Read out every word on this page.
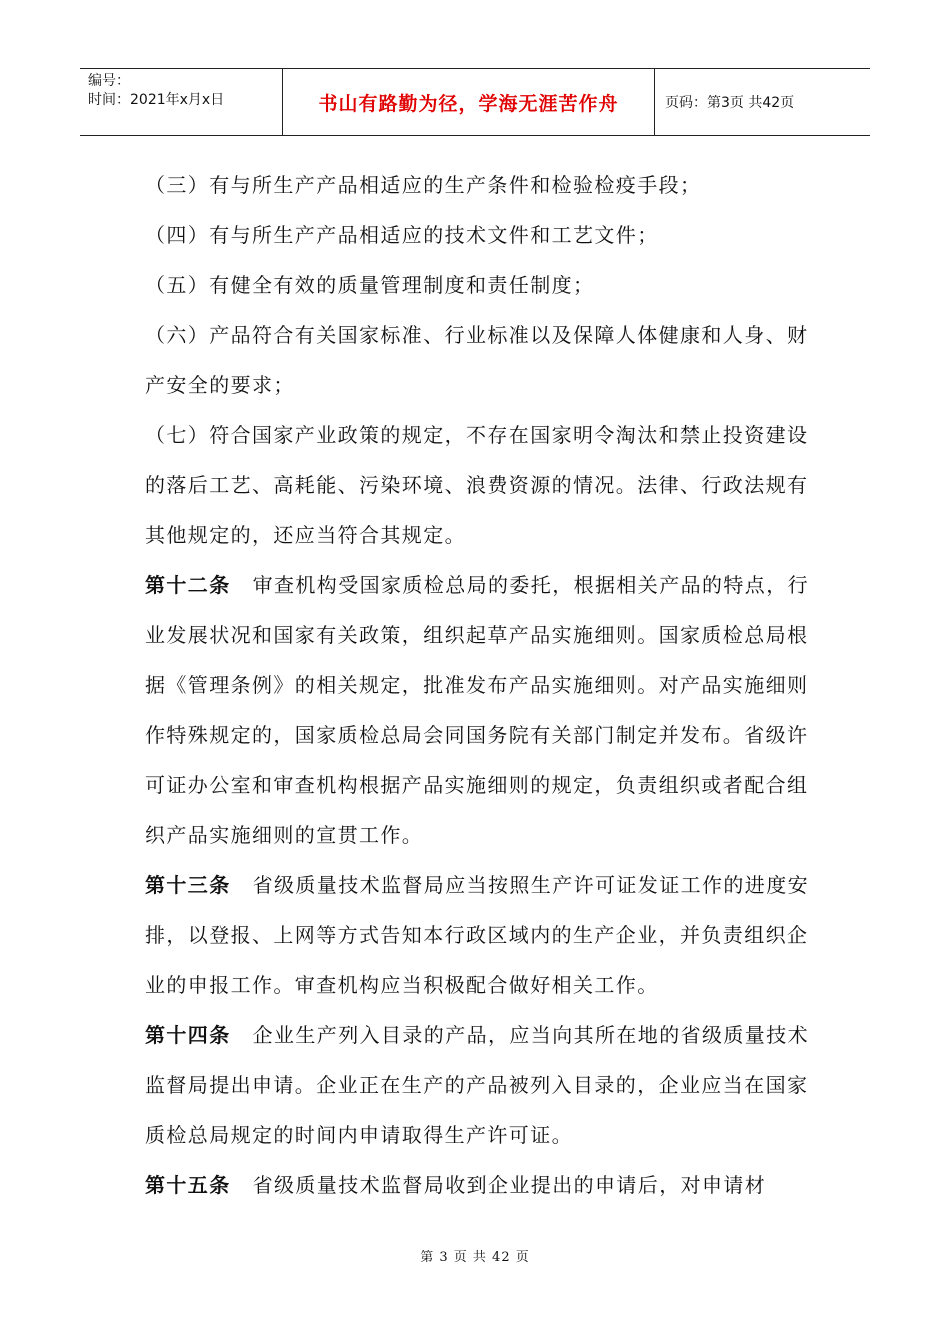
编号：
时间：2021年x月x日	书山有路勤为径，学海无涯苦作舟	页码：第3页 共42页

（三）有与所生产产品相适应的生产条件和检验检疫手段；

（四）有与所生产产品相适应的技术文件和工艺文件；

（五）有健全有效的质量管理制度和责任制度；

（六）产品符合有关国家标准、行业标准以及保障人体健康和人身、财产安全的要求；

（七）符合国家产业政策的规定，不存在国家明令淘汰和禁止投资建设的落后工艺、高耗能、污染环境、浪费资源的情况。法律、行政法规有其他规定的，还应当符合其规定。

第十二条 审查机构受国家质检总局的委托，根据相关产品的特点，行业发展状况和国家有关政策，组织起草产品实施细则。国家质检总局根据《管理条例》的相关规定，批准发布产品实施细则。对产品实施细则作特殊规定的，国家质检总局会同国务院有关部门制定并发布。省级许可证办公室和审查机构根据产品实施细则的规定，负责组织或者配合组织产品实施细则的宣贯工作。

第十三条 省级质量技术监督局应当按照生产许可证发证工作的进度安排，以登报、上网等方式告知本行政区域内的生产企业，并负责组织企业的申报工作。审查机构应当积极配合做好相关工作。

第十四条 企业生产列入目录的产品，应当向其所在地的省级质量技术监督局提出申请。企业正在生产的产品被列入目录的，企业应当在国家质检总局规定的时间内申请取得生产许可证。

第十五条 省级质量技术监督局收到企业提出的申请后，对申请材

第 3 页 共 42 页
